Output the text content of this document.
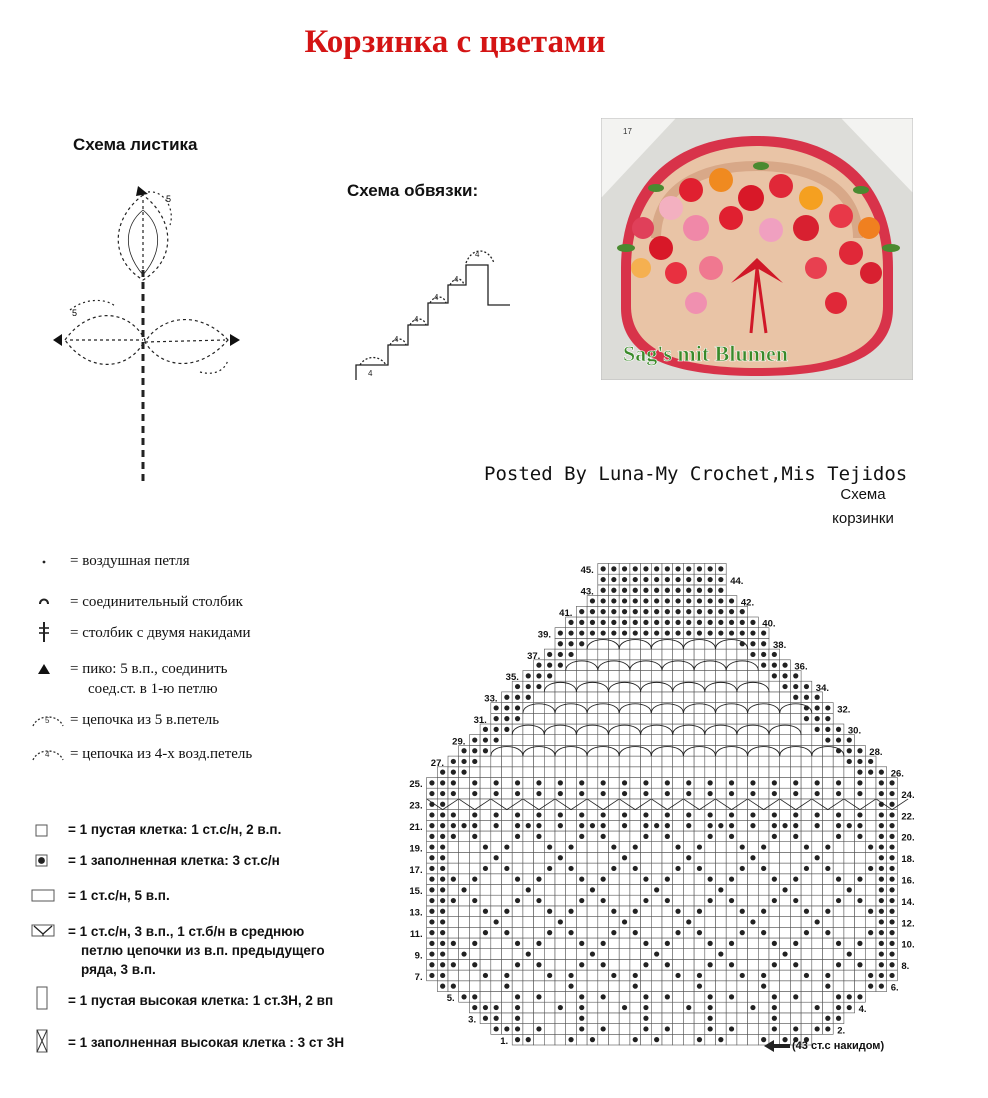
Корзинка с цветами
Схема листика
5
5
Схема обвязки:
4
4
4
4
4
4
17
Sag's mit Blumen
= воздушная петля
= соединительный столбик
= столбик с двумя накидами
= пико: 5 в.п., соединить
соед.ст. в 1-ю петлю
5 = цепочка из 5 в.петель
4 = цепочка из 4-х возд.петель
= 1 пустая клетка: 1 ст.с/н, 2 в.п.
= 1 заполненная клетка: 3 ст.с/н
= 1 ст.с/н, 5 в.п.
= 1 ст.с/н, 3 в.п., 1 ст.б/н в среднюю
петлю цепочки из в.п. предыдущего
ряда, 3 в.п.
= 1 пустая высокая клетка: 1 ст.3Н, 2 вп
= 1 заполненная высокая клетка : 3 ст 3Н
Posted By Luna-My Crochet,Mis Tejidos
Схема
корзинки
1.
2.
3.
4.
5.
6.
7.
8.
9.
10.
11.
12.
13.
14.
15.
16.
17.
18.
19.
20.
21.
22.
23.
24.
25.
26.
27.
28.
29.
30.
31.
32.
33.
34.
35.
36.
37.
38.
39.
40.
41.
42.
43.
44.
45.
(43 ст.с накидом)
